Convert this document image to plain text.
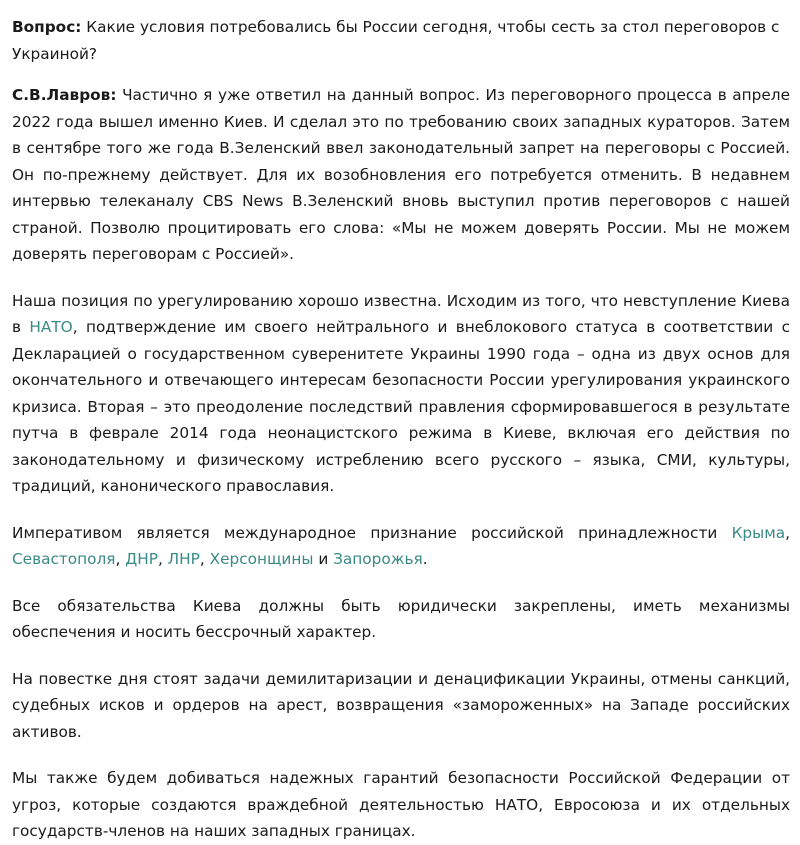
Вопрос: Какие условия потребовались бы России сегодня, чтобы сесть за стол переговоров с Украиной?

С.В.Лавров: Частично я уже ответил на данный вопрос. Из переговорного процесса в апреле 2022 года вышел именно Киев. И сделал это по требованию своих западных кураторов. Затем в сентябре того же года В.Зеленский ввел законодательный запрет на переговоры с Россией. Он по-прежнему действует. Для их возобновления его потребуется отменить. В недавнем интервью телеканалу CBS News В.Зеленский вновь выступил против переговоров с нашей страной. Позволю процитировать его слова: «Мы не можем доверять России. Мы не можем доверять переговорам с Россией».

Наша позиция по урегулированию хорошо известна. Исходим из того, что невступление Киева в НАТО, подтверждение им своего нейтрального и внеблокового статуса в соответствии с Декларацией о государственном суверенитете Украины 1990 года – одна из двух основ для окончательного и отвечающего интересам безопасности России урегулирования украинского кризиса. Вторая – это преодоление последствий правления сформировавшегося в результате путча в феврале 2014 года неонацистского режима в Киеве, включая его действия по законодательному и физическому истреблению всего русского – языка, СМИ, культуры, традиций, канонического православия.

Императивом является международное признание российской принадлежности Крыма, Севастополя, ДНР, ЛНР, Херсонщины и Запорожья.

Все обязательства Киева должны быть юридически закреплены, иметь механизмы обеспечения и носить бессрочный характер.

На повестке дня стоят задачи демилитаризации и денацификации Украины, отмены санкций, судебных исков и ордеров на арест, возвращения «замороженных» на Западе российских активов.

Мы также будем добиваться надежных гарантий безопасности Российской Федерации от угроз, которые создаются враждебной деятельностью НАТО, Евросоюза и их отдельных государств-членов на наших западных границах.
